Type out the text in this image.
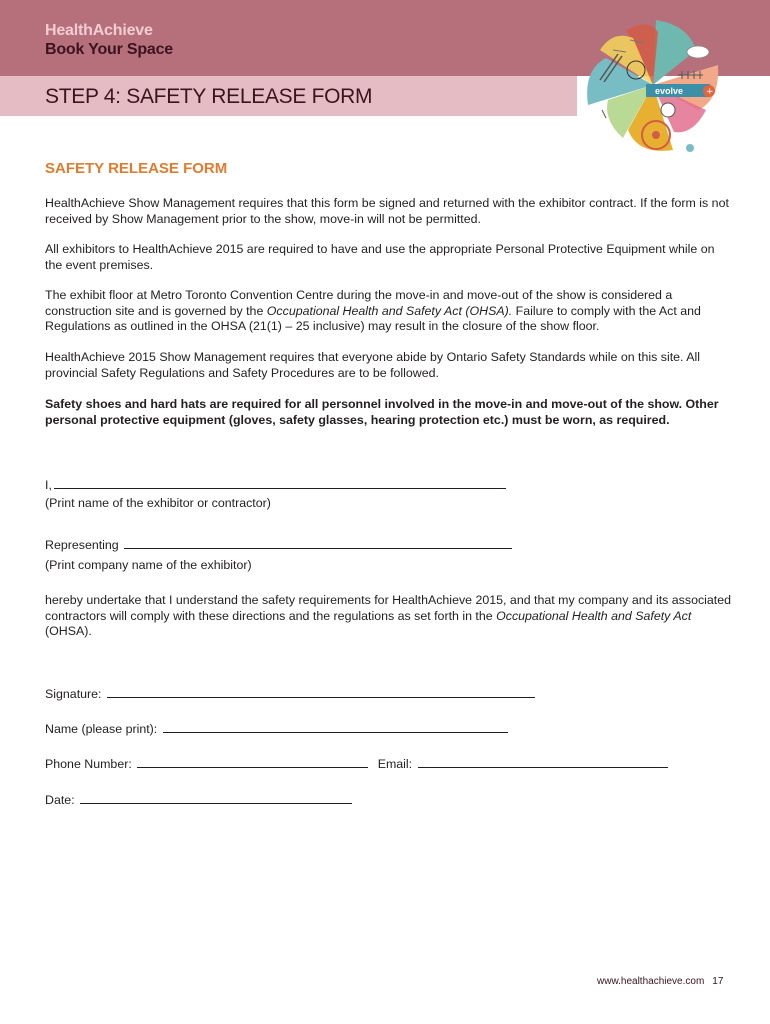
HealthAchieve
Book Your Space
STEP 4: SAFETY RELEASE FORM	evolve	+
SAFETY RELEASE FORM

HealthAchieve Show Management requires that this form be signed and returned with the exhibitor contract. If the form is not received by Show Management prior to the show, move-in will not be permitted.

All exhibitors to HealthAchieve 2015 are required to have and use the appropriate Personal Protective Equipment while on the event premises.

The exhibit floor at Metro Toronto Convention Centre during the move-in and move-out of the show is considered a construction site and is governed by the Occupational Health and Safety Act (OHSA). Failure to comply with the Act and Regulations as outlined in the OHSA (21(1) – 25 inclusive) may result in the closure of the show floor.

HealthAchieve 2015 Show Management requires that everyone abide by Ontario Safety Standards while on this site. All provincial Safety Regulations and Safety Procedures are to be followed.

Safety shoes and hard hats are required for all personnel involved in the move-in and move-out of the show. Other personal protective equipment (gloves, safety glasses, hearing protection etc.) must be worn, as required.

I,
(Print name of the exhibitor or contractor)
Representing
(Print company name of the exhibitor)

hereby undertake that I understand the safety requirements for HealthAchieve 2015, and that my company and its associated contractors will comply with these directions and the regulations as set forth in the Occupational Health and Safety Act (OHSA).

Signature:
Name (please print):
Phone Number:	Email:
Date:
www.healthachieve.com 17
